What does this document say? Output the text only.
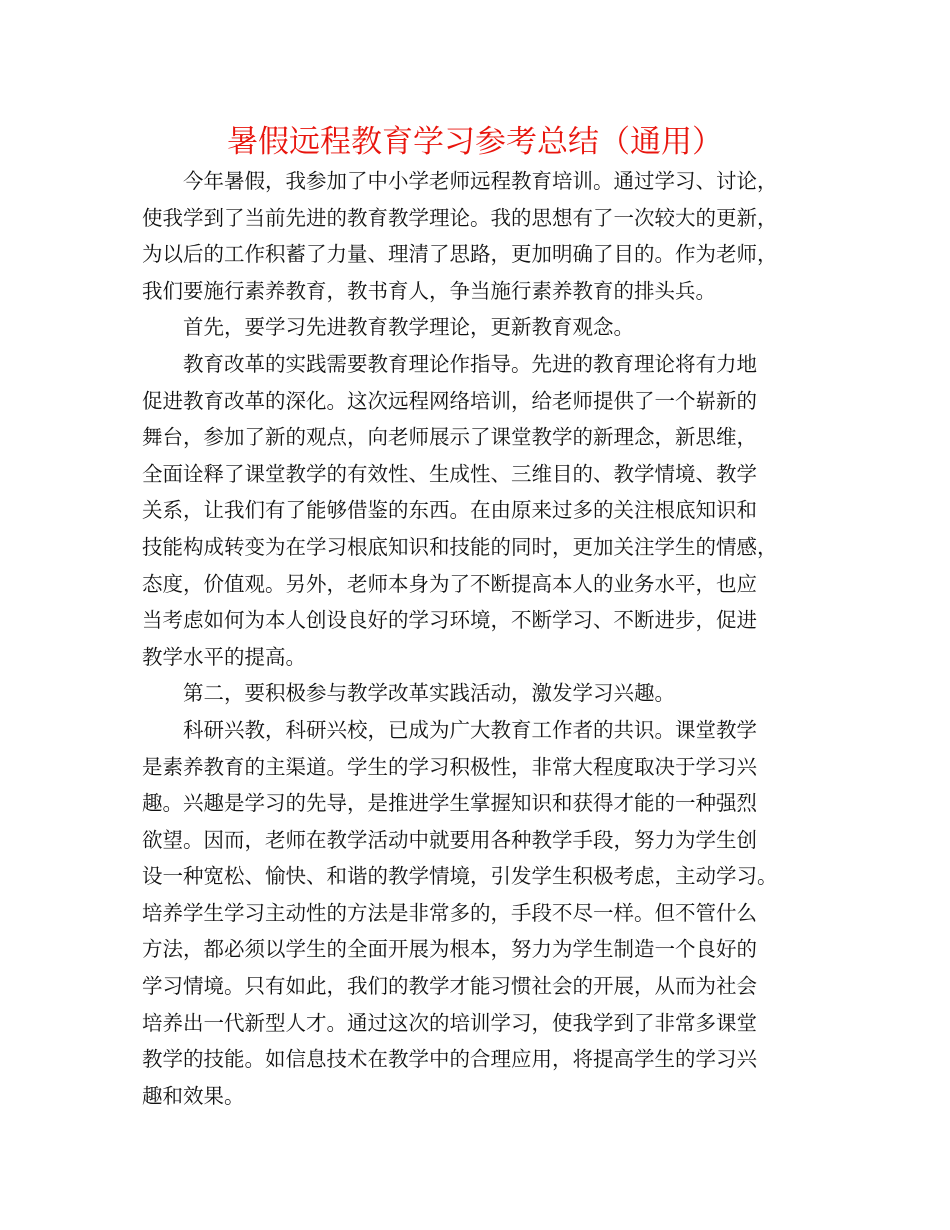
暑假远程教育学习参考总结（通用）
今年暑假，我参加了中小学老师远程教育培训。通过学习、讨论，
使我学到了当前先进的教育教学理论。我的思想有了一次较大的更新，
为以后的工作积蓄了力量、理清了思路，更加明确了目的。作为老师，
我们要施行素养教育，教书育人，争当施行素养教育的排头兵。
首先，要学习先进教育教学理论，更新教育观念。
教育改革的实践需要教育理论作指导。先进的教育理论将有力地
促进教育改革的深化。这次远程网络培训，给老师提供了一个崭新的
舞台，参加了新的观点，向老师展示了课堂教学的新理念，新思维，
全面诠释了课堂教学的有效性、生成性、三维目的、教学情境、教学
关系，让我们有了能够借鉴的东西。在由原来过多的关注根底知识和
技能构成转变为在学习根底知识和技能的同时，更加关注学生的情感，
态度，价值观。另外，老师本身为了不断提高本人的业务水平，也应
当考虑如何为本人创设良好的学习环境，不断学习、不断进步，促进
教学水平的提高。
第二，要积极参与教学改革实践活动，激发学习兴趣。
科研兴教，科研兴校，已成为广大教育工作者的共识。课堂教学
是素养教育的主渠道。学生的学习积极性，非常大程度取决于学习兴
趣。兴趣是学习的先导，是推进学生掌握知识和获得才能的一种强烈
欲望。因而，老师在教学活动中就要用各种教学手段，努力为学生创
设一种宽松、愉快、和谐的教学情境，引发学生积极考虑，主动学习。
培养学生学习主动性的方法是非常多的，手段不尽一样。但不管什么
方法，都必须以学生的全面开展为根本，努力为学生制造一个良好的
学习情境。只有如此，我们的教学才能习惯社会的开展，从而为社会
培养出一代新型人才。通过这次的培训学习，使我学到了非常多课堂
教学的技能。如信息技术在教学中的合理应用，将提高学生的学习兴
趣和效果。
